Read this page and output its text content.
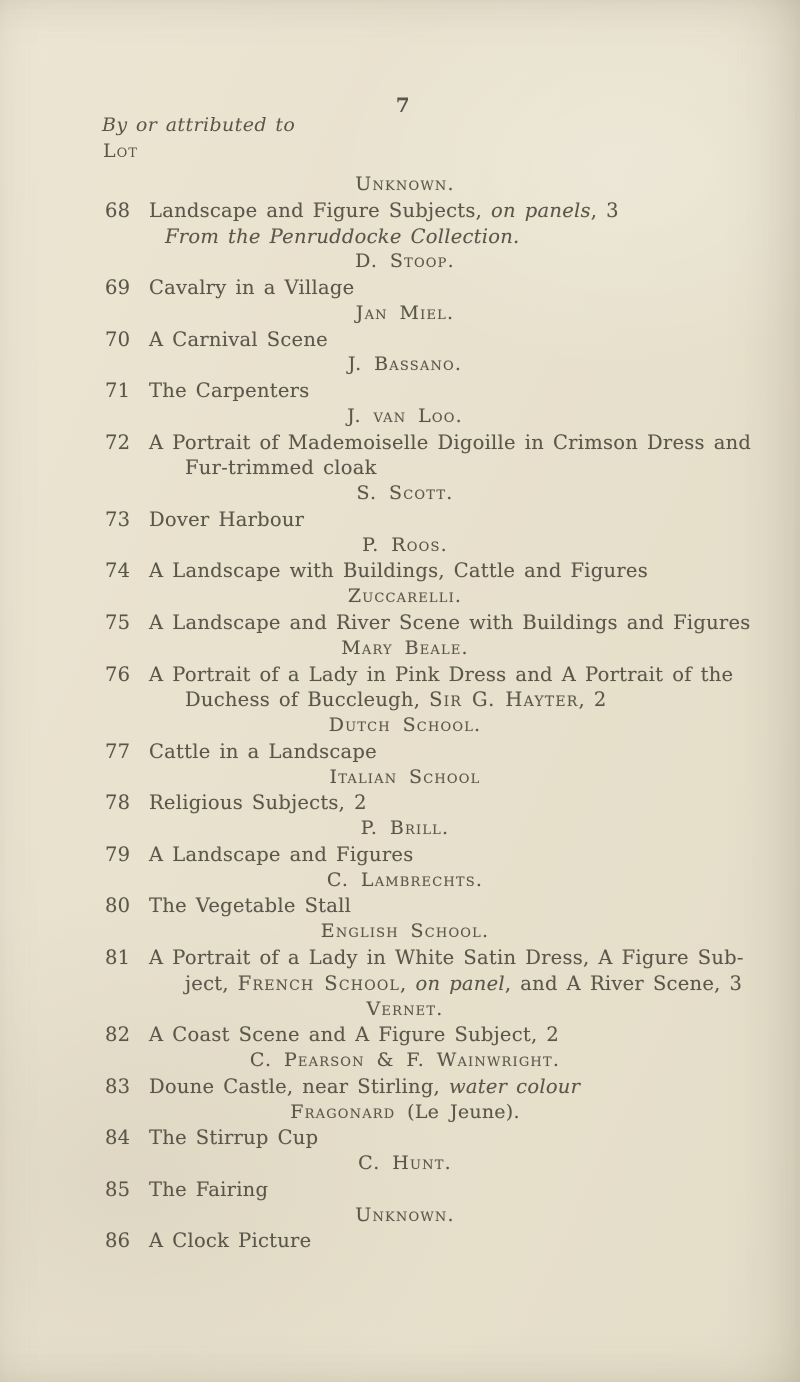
7
By or attributed to
Lot
Unknown.
68 Landscape and Figure Subjects, on panels, 3
From the Penruddocke Collection.
D. Stoop.
69 Cavalry in a Village
Jan Miel.
70 A Carnival Scene
J. Bassano.
71 The Carpenters
J. van Loo.
72 A Portrait of Mademoiselle Digoille in Crimson Dress and
Fur-trimmed cloak
S. Scott.
73 Dover Harbour
P. Roos.
74 A Landscape with Buildings, Cattle and Figures
Zuccarelli.
75 A Landscape and River Scene with Buildings and Figures
Mary Beale.
76 A Portrait of a Lady in Pink Dress and A Portrait of the
Duchess of Buccleugh, Sir G. Hayter, 2
Dutch School.
77 Cattle in a Landscape
Italian School
78 Religious Subjects, 2
P. Brill.
79 A Landscape and Figures
C. Lambrechts.
80 The Vegetable Stall
English School.
81 A Portrait of a Lady in White Satin Dress, A Figure Sub-
ject, French School, on panel, and A River Scene, 3
Vernet.
82 A Coast Scene and A Figure Subject, 2
C. Pearson & F. Wainwright.
83 Doune Castle, near Stirling, water colour
Fragonard (Le Jeune).
84 The Stirrup Cup
C. Hunt.
85 The Fairing
Unknown.
86 A Clock Picture
